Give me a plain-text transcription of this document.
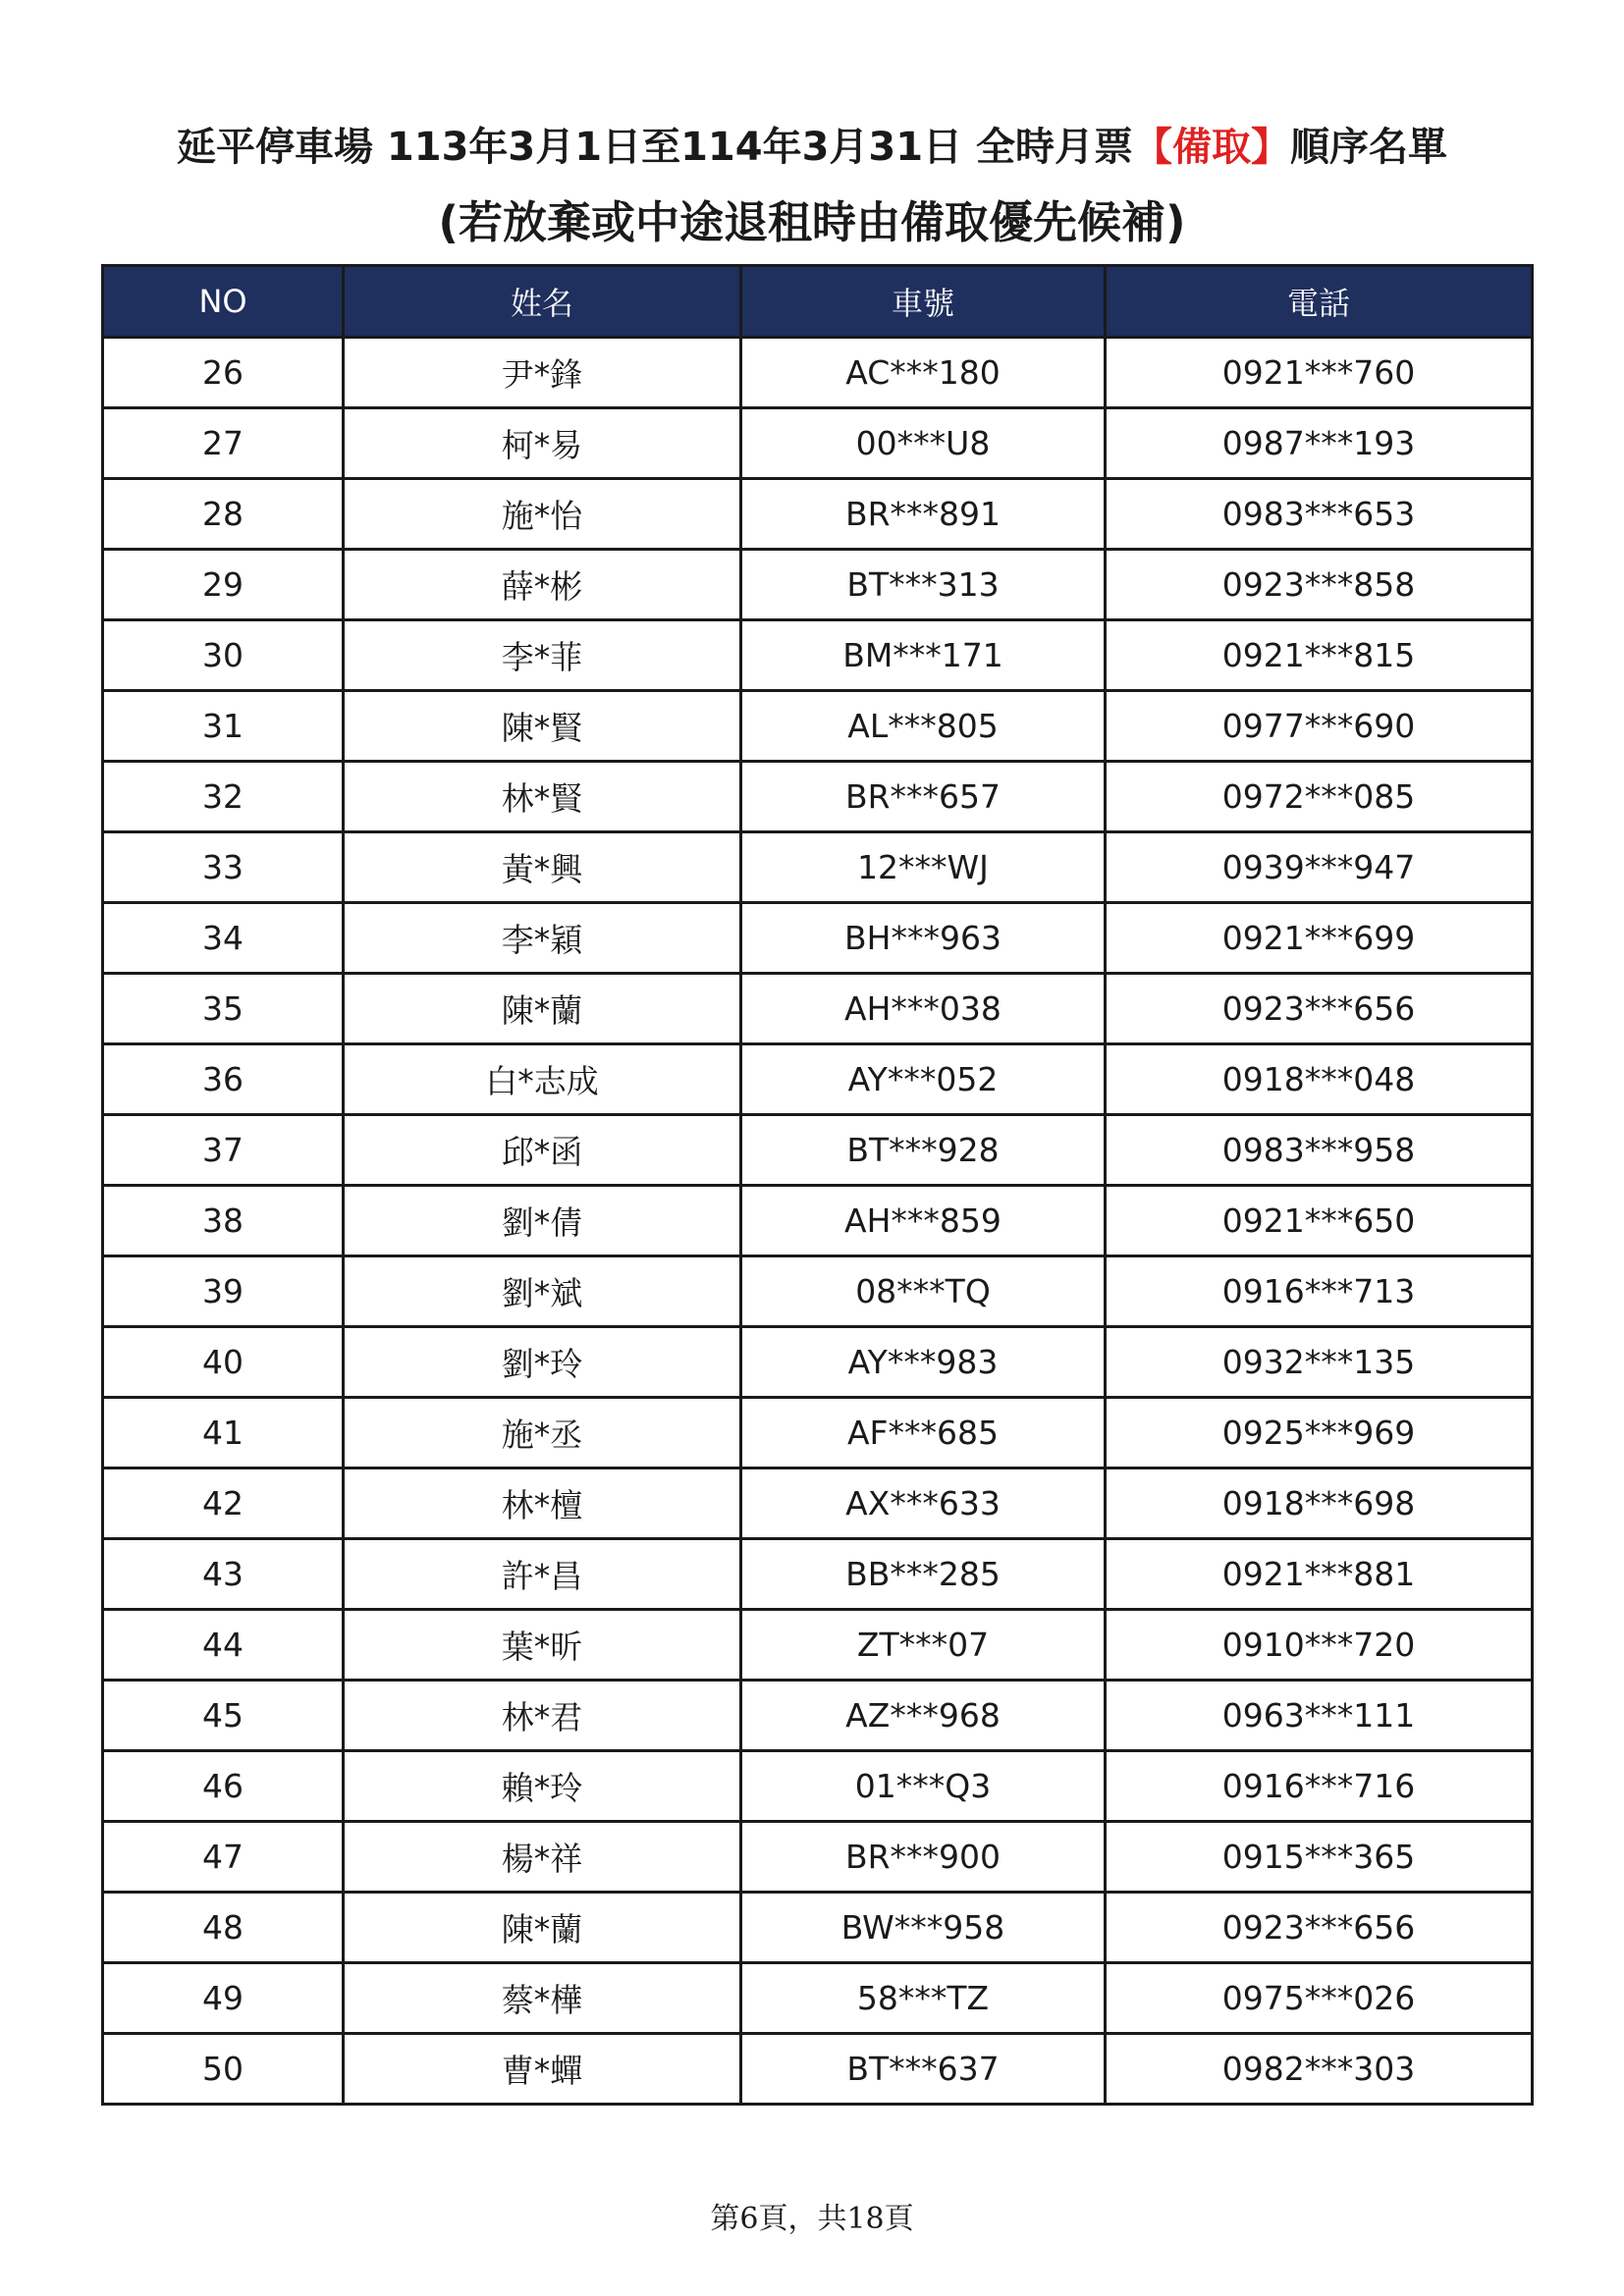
延平停車場 113年3月1日至114年3月31日 全時月票【備取】順序名單
(若放棄或中途退租時由備取優先候補)
NO	姓名	車號	電話
26	尹*鋒	AC***180	0921***760
27	柯*易	00***U8	0987***193
28	施*怡	BR***891	0983***653
29	薛*彬	BT***313	0923***858
30	李*菲	BM***171	0921***815
31	陳*賢	AL***805	0977***690
32	林*賢	BR***657	0972***085
33	黃*興	12***WJ	0939***947
34	李*穎	BH***963	0921***699
35	陳*蘭	AH***038	0923***656
36	白*志成	AY***052	0918***048
37	邱*函	BT***928	0983***958
38	劉*倩	AH***859	0921***650
39	劉*斌	08***TQ	0916***713
40	劉*玲	AY***983	0932***135
41	施*丞	AF***685	0925***969
42	林*檀	AX***633	0918***698
43	許*昌	BB***285	0921***881
44	葉*昕	ZT***07	0910***720
45	林*君	AZ***968	0963***111
46	賴*玲	01***Q3	0916***716
47	楊*祥	BR***900	0915***365
48	陳*蘭	BW***958	0923***656
49	蔡*樺	58***TZ	0975***026
50	曹*蟬	BT***637	0982***303
第6頁，共18頁
